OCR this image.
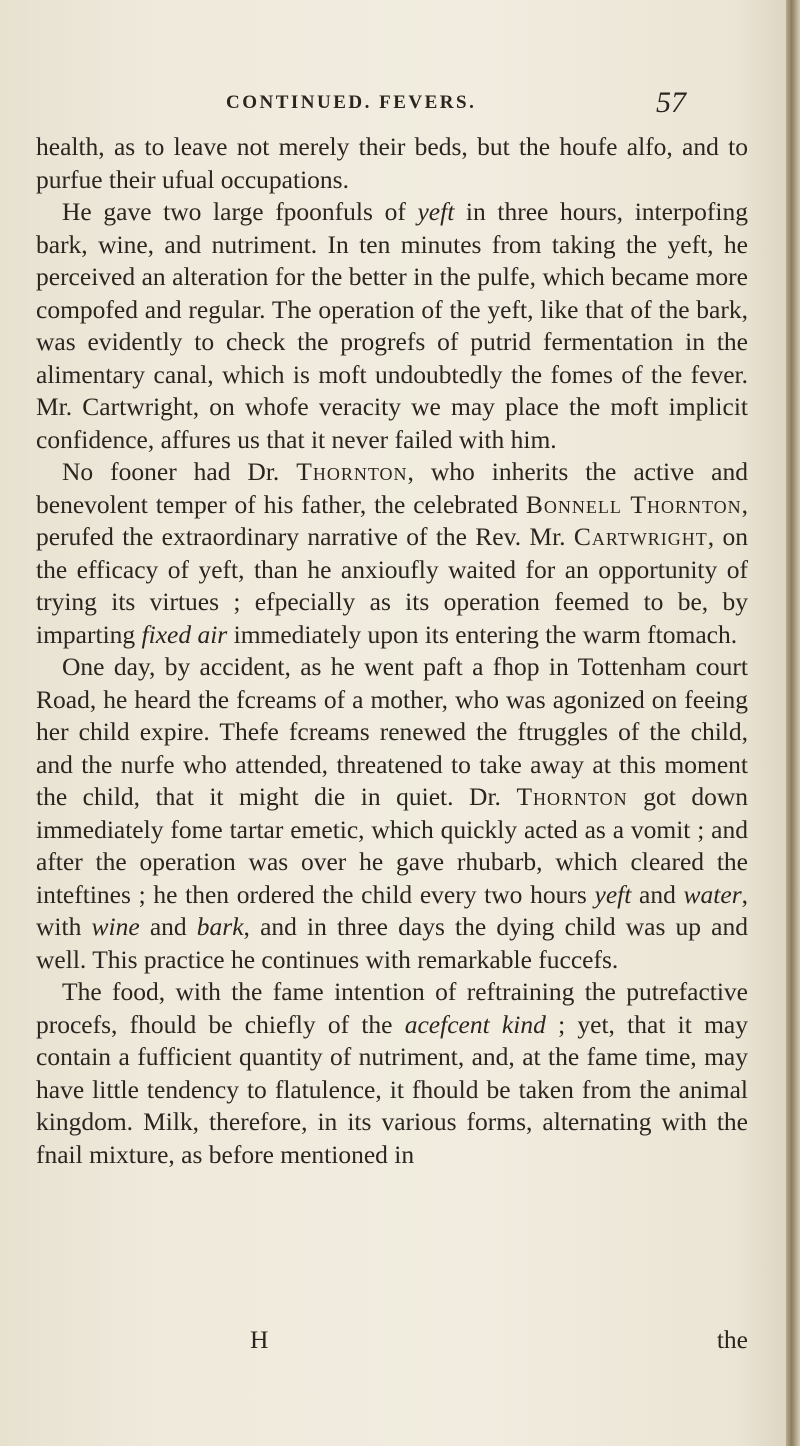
CONTINUED. FEVERS.	57

health, as to leave not merely their beds, but the houfe alfo, and to purfue their ufual occupations.

He gave two large fpoonfuls of yeft in three hours, interpofing bark, wine, and nutriment. In ten minutes from taking the yeft, he perceived an alteration for the better in the pulfe, which became more compofed and regular. The operation of the yeft, like that of the bark, was evidently to check the progrefs of putrid fermentation in the alimentary canal, which is moft undoubtedly the fomes of the fever. Mr. Cartwright, on whofe veracity we may place the moft implicit confidence, affures us that it never failed with him.

No fooner had Dr. Thornton, who inherits the active and benevolent temper of his father, the celebrated Bonnell Thornton, perufed the extraordinary narrative of the Rev. Mr. Cartwright, on the efficacy of yeft, than he anxioufly waited for an opportunity of trying its virtues ; efpecially as its operation feemed to be, by imparting fixed air immediately upon its entering the warm ftomach.

One day, by accident, as he went paft a fhop in Tottenham court Road, he heard the fcreams of a mother, who was agonized on feeing her child expire. Thefe fcreams renewed the ftruggles of the child, and the nurfe who attended, threatened to take away at this moment the child, that it might die in quiet. Dr. Thornton got down immediately fome tartar emetic, which quickly acted as a vomit ; and after the operation was over he gave rhubarb, which cleared the inteftines ; he then ordered the child every two hours yeft and water, with wine and bark, and in three days the dying child was up and well. This practice he continues with remarkable fuccefs.

The food, with the fame intention of reftraining the putrefactive procefs, fhould be chiefly of the acefcent kind ; yet, that it may contain a fufficient quantity of nutriment, and, at the fame time, may have little tendency to flatulence, it fhould be taken from the animal kingdom. Milk, therefore, in its various forms, alternating with the fnail mixture, as before mentioned in

H	the
